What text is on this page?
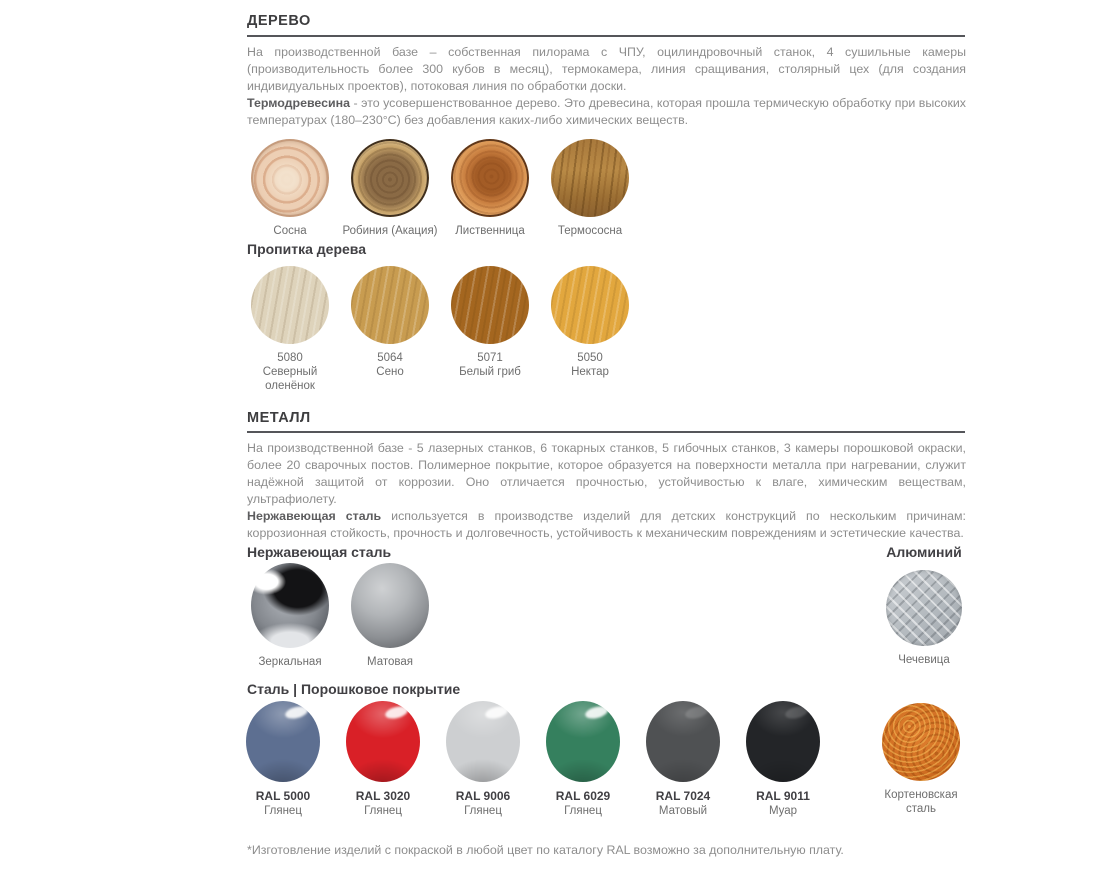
ДЕРЕВО
На производственной базе – собственная пилорама с ЧПУ, оцилиндровочный станок, 4 сушильные камеры (производительность более 300 кубов в месяц), термокамера, линия сращивания, столярный цех (для создания индивидуальных проектов), потоковая линия по обработки доски.
Термодревесина - это усовершенствованное дерево. Это древесина, которая прошла термическую обработку при высоких температурах (180–230°С) без добавления каких-либо химических веществ.
Сосна	Робиния (Акация)	Лиственница	Термососна
Пропитка дерева
5080
Северный оленёнок
5064
Сено
5071
Белый гриб
5050
Нектар
МЕТАЛЛ
На производственной базе - 5 лазерных станков, 6 токарных станков, 5 гибочных станков, 3 камеры порошковой окраски, более 20 сварочных постов. Полимерное покрытие, которое образуется на поверхности металла при нагревании, служит надёжной защитой от коррозии. Оно отличается прочностью, устойчивостью к влаге, химическим веществам, ультрафиолету.
Нержавеющая сталь используется в производстве изделий для детских конструкций по нескольким причинам: коррозионная стойкость, прочность и долговечность, устойчивость к механическим повреждениям и эстетические качества.
Нержавеющая сталь
Зеркальная	Матовая
Алюминий
Чечевица
Сталь | Порошковое покрытие
RAL 5000
Глянец
RAL 3020
Глянец
RAL 9006
Глянец
RAL 6029
Глянец
RAL 7024
Матовый
RAL 9011
Муар
Кортеновская сталь
*Изготовление изделий с покраской в любой цвет по каталогу RAL возможно за дополнительную плату.
